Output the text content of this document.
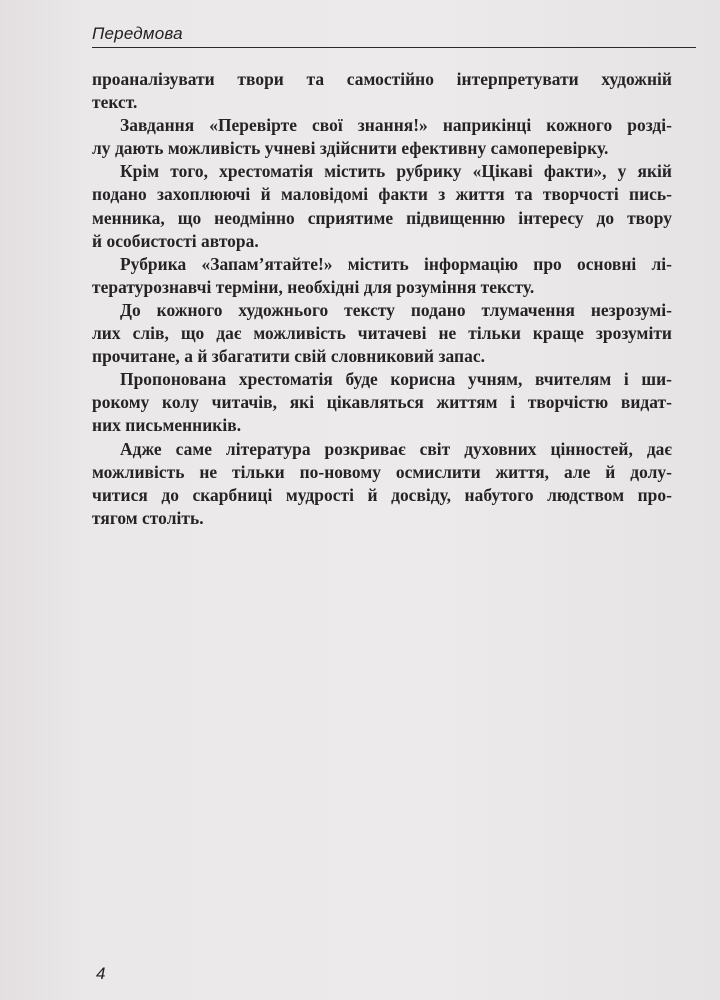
Передмова
проаналізувати твори та самостійно інтерпретувати художній
текст.
Завдання «Перевірте свої знання!» наприкінці кожного розді-
лу дають можливість учневі здійснити ефективну самоперевірку.
Крім того, хрестоматія містить рубрику «Цікаві факти», у якій
подано захоплюючі й маловідомі факти з життя та творчості пись-
менника, що неодмінно сприятиме підвищенню інтересу до твору
й особистості автора.
Рубрика «Запам’ятайте!» містить інформацію про основні лі-
тературознавчі терміни, необхідні для розуміння тексту.
До кожного художнього тексту подано тлумачення незрозумі-
лих слів, що дає можливість читачеві не тільки краще зрозуміти
прочитане, а й збагатити свій словниковий запас.
Пропонована хрестоматія буде корисна учням, вчителям і ши-
рокому колу читачів, які цікавляться життям і творчістю видат-
них письменників.
Адже саме література розкриває світ духовних цінностей, дає
можливість не тільки по-новому осмислити життя, але й долу-
читися до скарбниці мудрості й досвіду, набутого людством про-
тягом століть.
4
